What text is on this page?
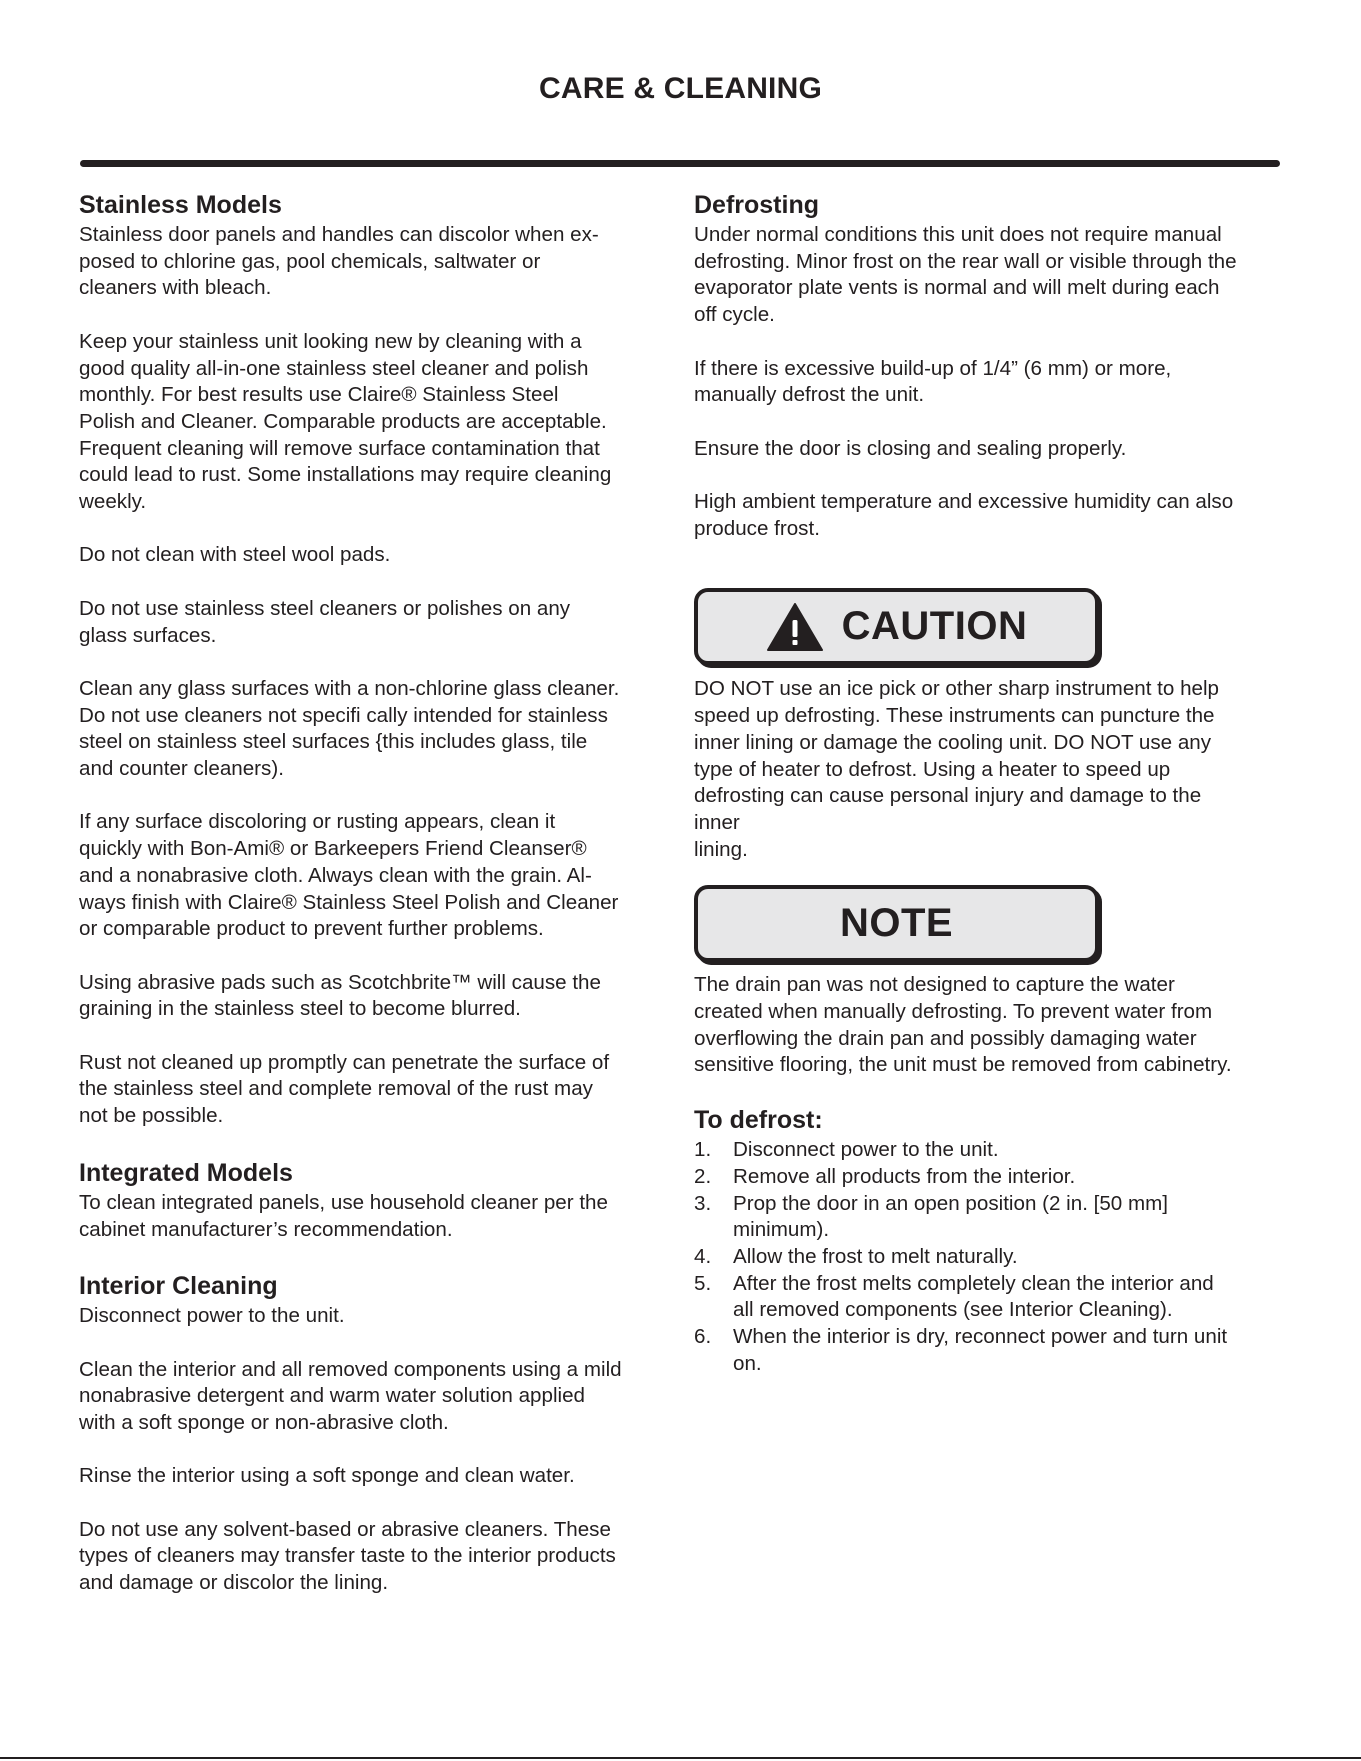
CARE & CLEANING
Stainless Models

Stainless door panels and handles can discolor when ex-
posed to chlorine gas, pool chemicals, saltwater or
cleaners with bleach.

Keep your stainless unit looking new by cleaning with a
good quality all-in-one stainless steel cleaner and polish
monthly. For best results use Claire® Stainless Steel
Polish and Cleaner. Comparable products are acceptable.
Frequent cleaning will remove surface contamination that
could lead to rust. Some installations may require cleaning
weekly.

Do not clean with steel wool pads.

Do not use stainless steel cleaners or polishes on any
glass surfaces.

Clean any glass surfaces with a non-chlorine glass cleaner.
Do not use cleaners not specifi cally intended for stainless
steel on stainless steel surfaces {this includes glass, tile
and counter cleaners).

If any surface discoloring or rusting appears, clean it
quickly with Bon-Ami® or Barkeepers Friend Cleanser®
and a nonabrasive cloth. Always clean with the grain. Al-
ways finish with Claire® Stainless Steel Polish and Cleaner
or comparable product to prevent further problems.

Using abrasive pads such as Scotchbrite™ will cause the
graining in the stainless steel to become blurred.

Rust not cleaned up promptly can penetrate the surface of
the stainless steel and complete removal of the rust may
not be possible.

Integrated Models

To clean integrated panels, use household cleaner per the
cabinet manufacturer’s recommendation.

Interior Cleaning

Disconnect power to the unit.

Clean the interior and all removed components using a mild
nonabrasive detergent and warm water solution applied
with a soft sponge or non-abrasive cloth.

Rinse the interior using a soft sponge and clean water.

Do not use any solvent-based or abrasive cleaners. These
types of cleaners may transfer taste to the interior products
and damage or discolor the lining.

Defrosting

Under normal conditions this unit does not require manual
defrosting. Minor frost on the rear wall or visible through the
evaporator plate vents is normal and will melt during each
off cycle.

If there is excessive build-up of 1/4” (6 mm) or more,
manually defrost the unit.

Ensure the door is closing and sealing properly.

High ambient temperature and excessive humidity can also
produce frost.

CAUTION

DO NOT use an ice pick or other sharp instrument to help
speed up defrosting. These instruments can puncture the
inner lining or damage the cooling unit. DO NOT use any
type of heater to defrost. Using a heater to speed up
defrosting can cause personal injury and damage to the
inner
lining.

NOTE

The drain pan was not designed to capture the water
created when manually defrosting. To prevent water from
overflowing the drain pan and possibly damaging water
sensitive flooring, the unit must be removed from cabinetry.

To defrost:
1. Disconnect power to the unit.
2. Remove all products from the interior.
3. Prop the door in an open position (2 in. [50 mm]
minimum).
4. Allow the frost to melt naturally.
5. After the frost melts completely clean the interior and
all removed components (see Interior Cleaning).
6. When the interior is dry, reconnect power and turn unit
on.
